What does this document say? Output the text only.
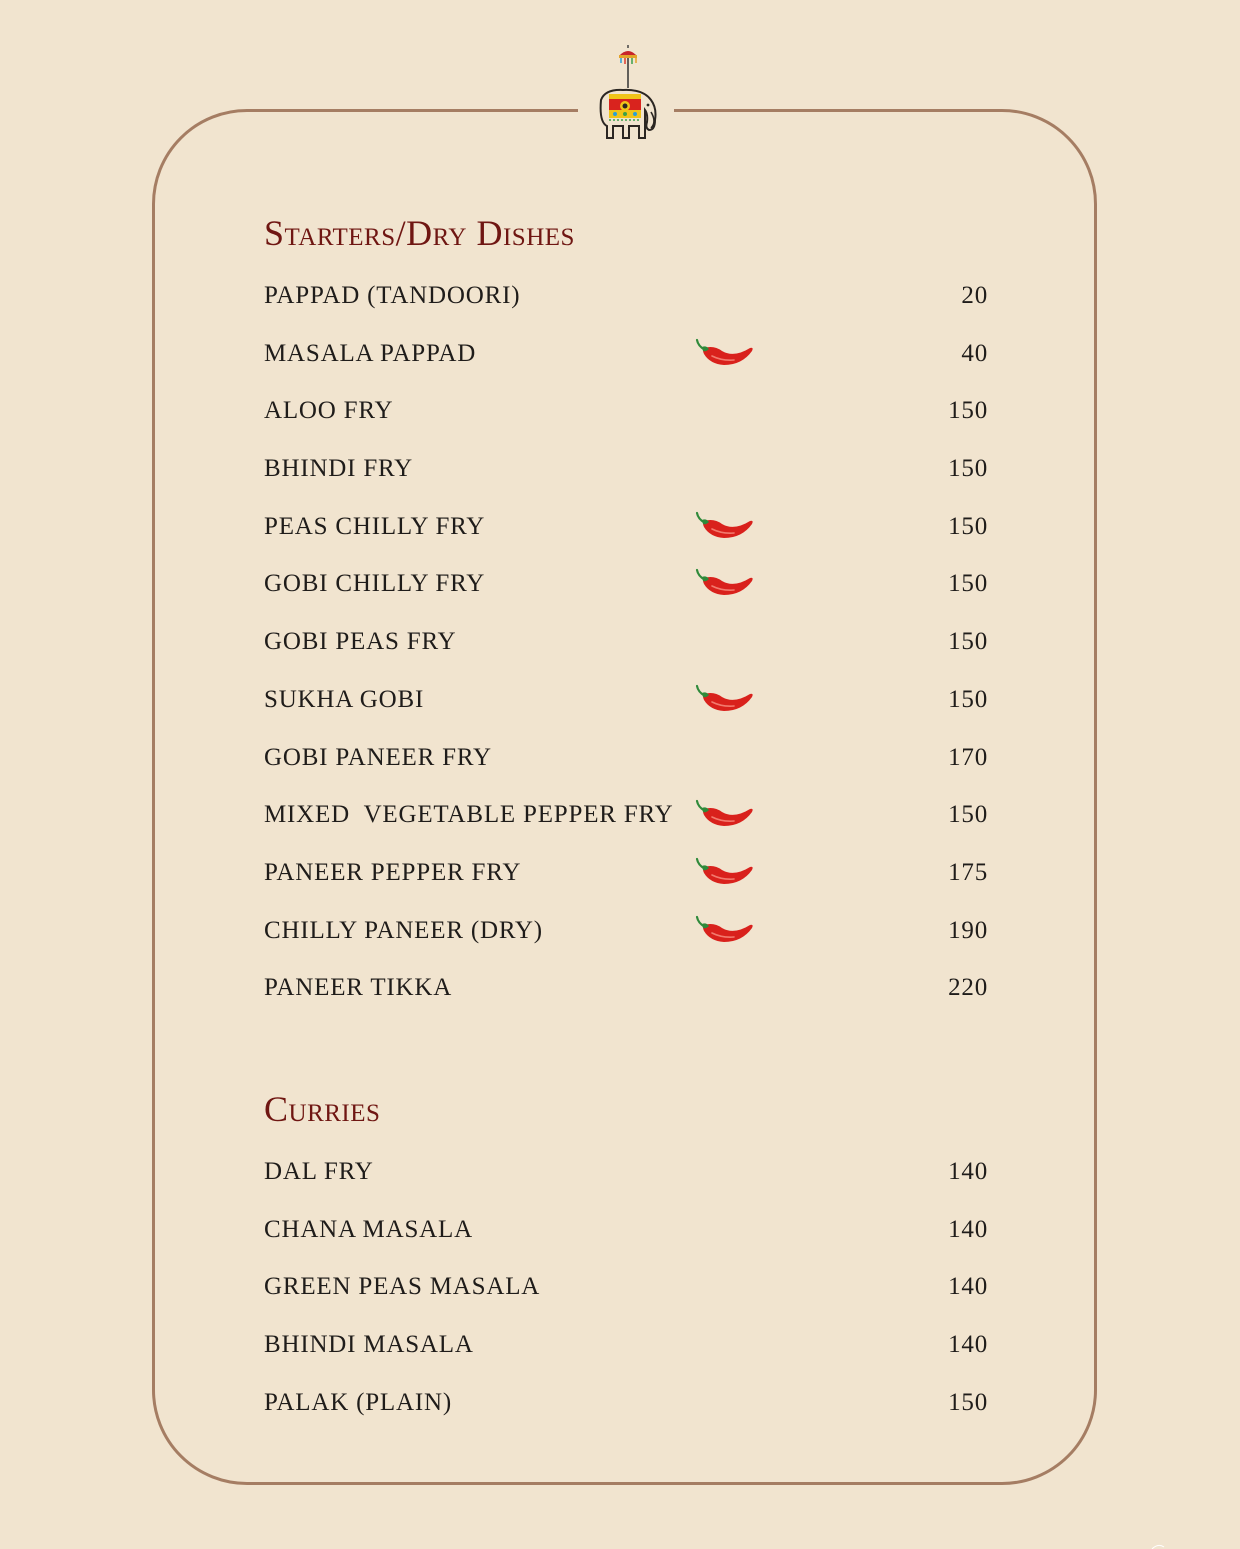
Starters/Dry Dishes
PAPPAD (TANDOORI)	20
MASALA PAPPAD	40
ALOO FRY	150
BHINDI FRY	150
PEAS CHILLY FRY	150
GOBI CHILLY FRY	150
GOBI PEAS FRY	150
SUKHA GOBI	150
GOBI PANEER FRY	170
MIXED  VEGETABLE PEPPER FRY	150
PANEER PEPPER FRY	175
CHILLY PANEER (DRY)	190
PANEER TIKKA	220
Curries
DAL FRY	140
CHANA MASALA	140
GREEN PEAS MASALA	140
BHINDI MASALA	140
PALAK (PLAIN)	150
